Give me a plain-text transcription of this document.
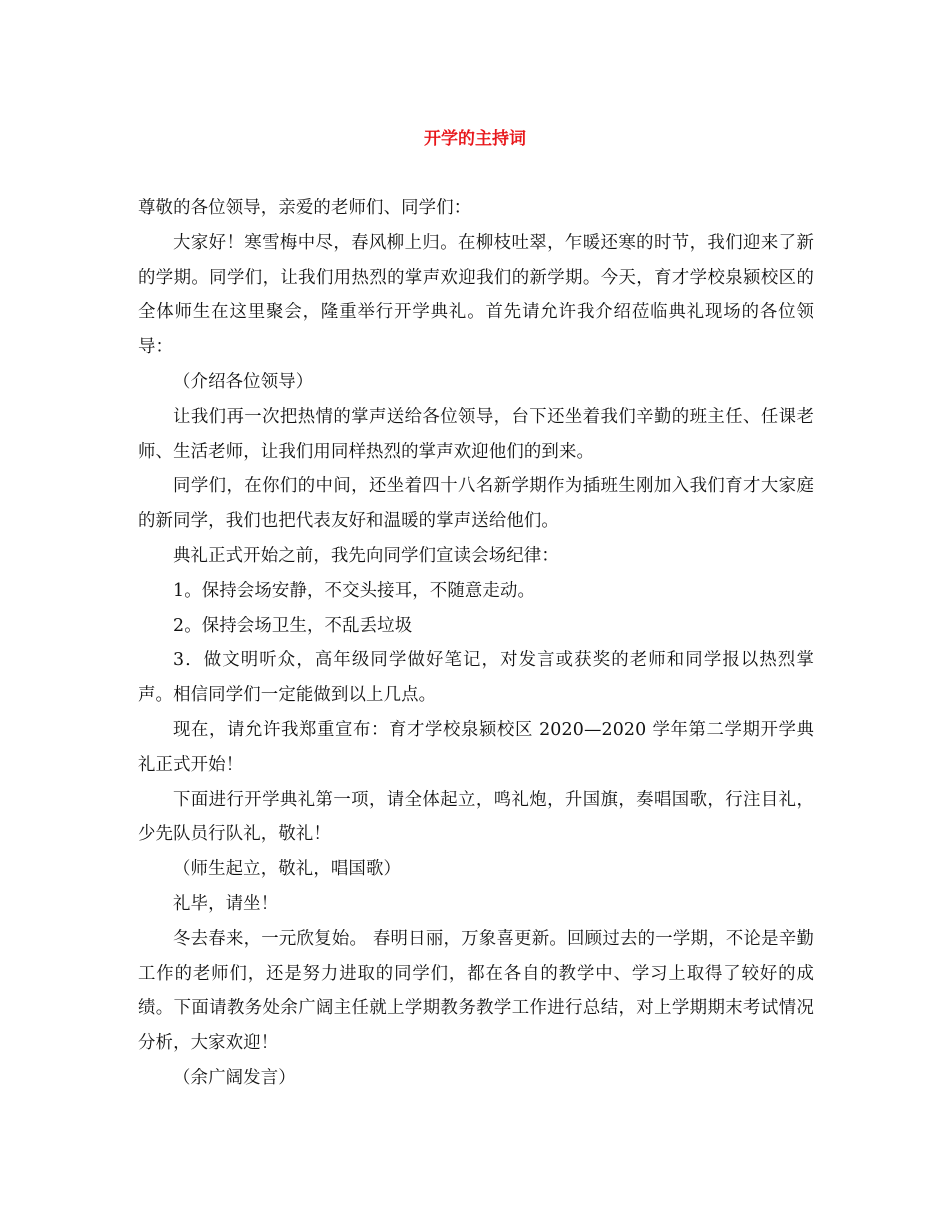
开学的主持词

尊敬的各位领导，亲爱的老师们、同学们：

大家好！寒雪梅中尽，春风柳上归。在柳枝吐翠，乍暖还寒的时节，我们迎来了新的学期。同学们，让我们用热烈的掌声欢迎我们的新学期。今天，育才学校泉颍校区的全体师生在这里聚会，隆重举行开学典礼。首先请允许我介绍莅临典礼现场的各位领导：

（介绍各位领导）

让我们再一次把热情的掌声送给各位领导，台下还坐着我们辛勤的班主任、任课老师、生活老师，让我们用同样热烈的掌声欢迎他们的到来。

同学们，在你们的中间，还坐着四十八名新学期作为插班生刚加入我们育才大家庭的新同学，我们也把代表友好和温暖的掌声送给他们。

典礼正式开始之前，我先向同学们宣读会场纪律：

1。保持会场安静，不交头接耳，不随意走动。

2。保持会场卫生，不乱丢垃圾

3．做文明听众，高年级同学做好笔记，对发言或获奖的老师和同学报以热烈掌声。相信同学们一定能做到以上几点。

现在，请允许我郑重宣布：育才学校泉颍校区 2020—2020 学年第二学期开学典礼正式开始！

下面进行开学典礼第一项，请全体起立，鸣礼炮，升国旗，奏唱国歌，行注目礼，少先队员行队礼，敬礼！

（师生起立，敬礼，唱国歌）

礼毕，请坐！

冬去春来，一元欣复始。 春明日丽，万象喜更新。回顾过去的一学期，不论是辛勤工作的老师们，还是努力进取的同学们，都在各自的教学中、学习上取得了较好的成绩。下面请教务处余广阔主任就上学期教务教学工作进行总结，对上学期期末考试情况分析，大家欢迎！

（余广阔发言）
